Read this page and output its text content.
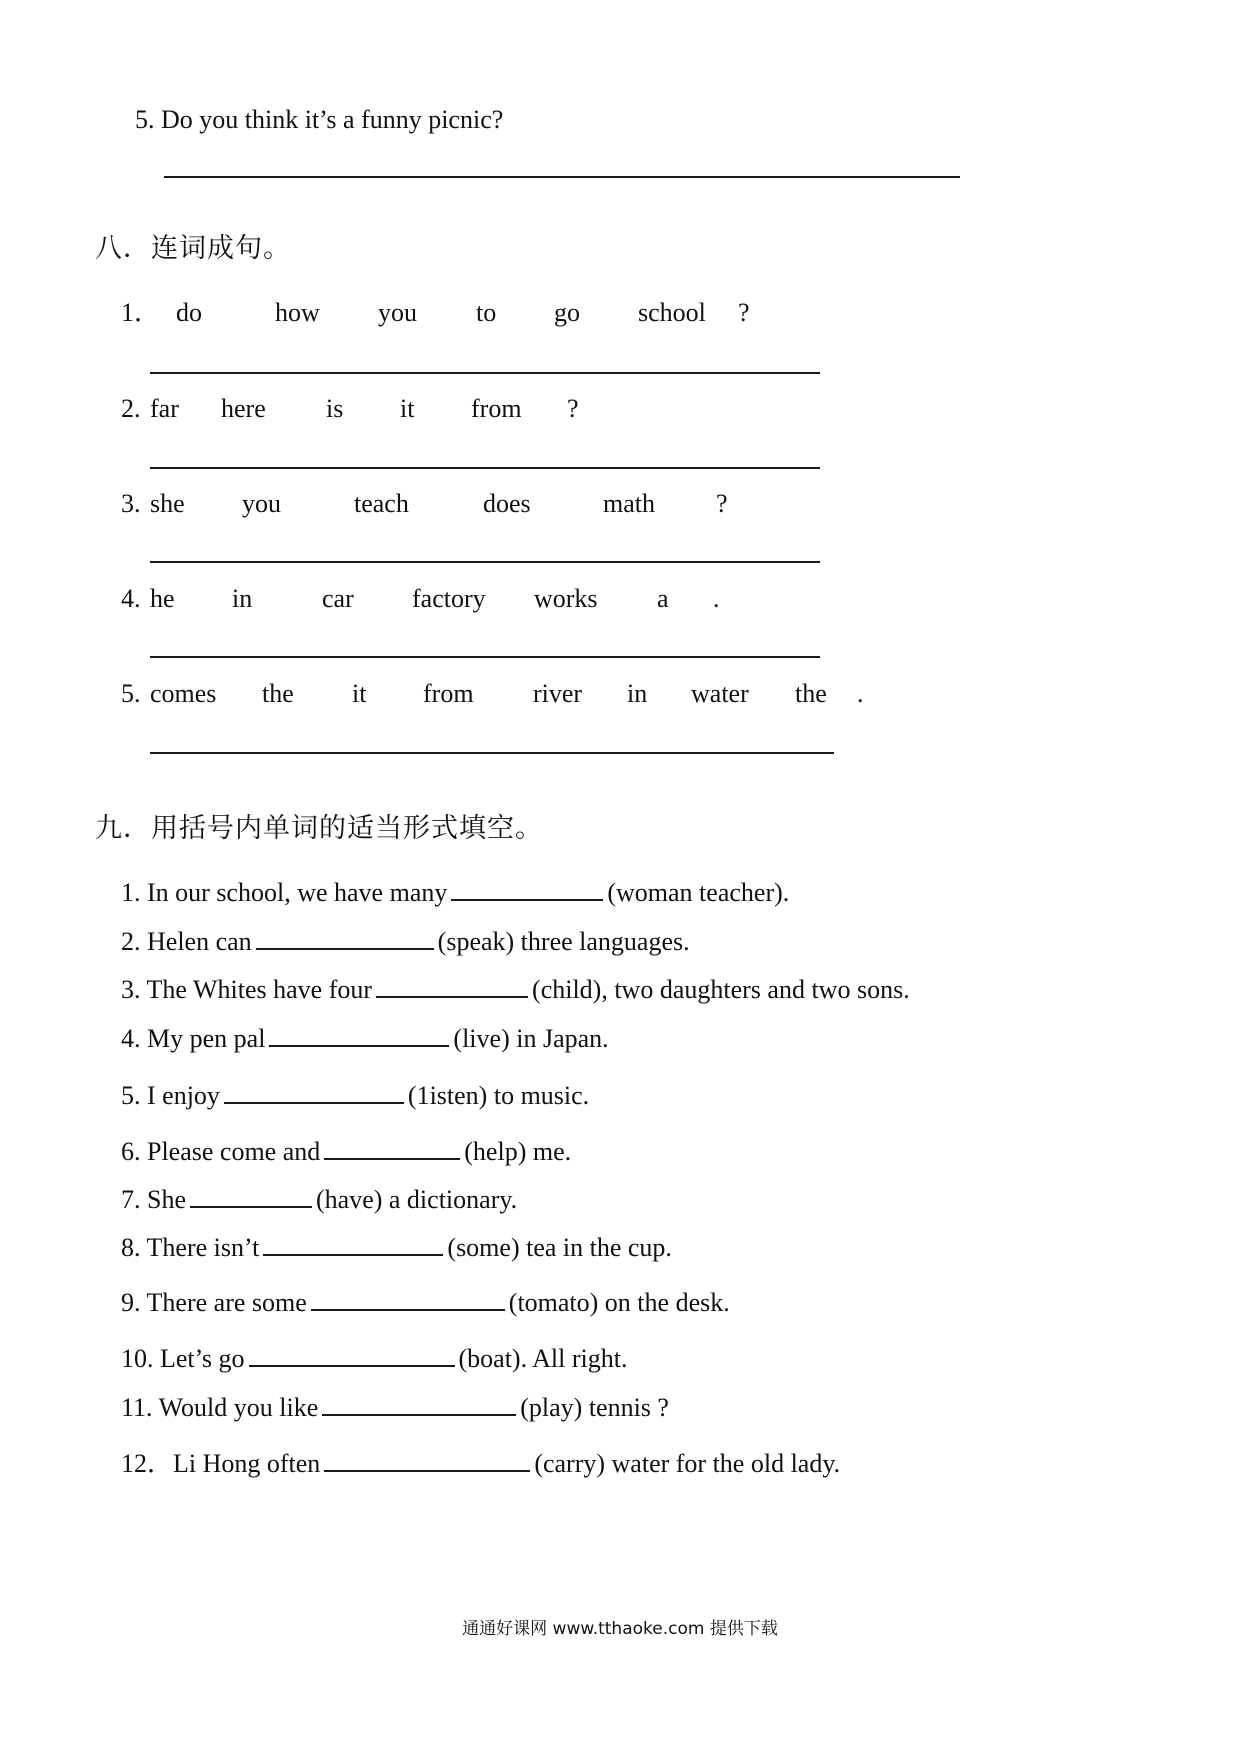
5. Do you think it’s a funny picnic?
八．连词成句。
1． do	how you to go school ?
2. far here is it from ?
3. she you	teach	does	math ?
4. he in	car factory works a .
5. comes the it from river in water the .
九．用括号内单词的适当形式填空。
1. In our school, we have many	(woman teacher).
2. Helen can	(speak) three languages.
3. The Whites have four	(child), two daughters and two sons.
4. My pen pal	(live) in Japan.
5. I enjoy	(1isten) to music.
6. Please come and	(help) me.
7. She	(have) a dictionary.
8. There isn’t	(some) tea in the cup.
9. There are some	(tomato) on the desk.
10. Let’s go	(boat). All right.
11. Would you like	(play) tennis ?
12．Li Hong often	(carry) water for the old lady.
通通好课网 www.tthaoke.com 提供下载
